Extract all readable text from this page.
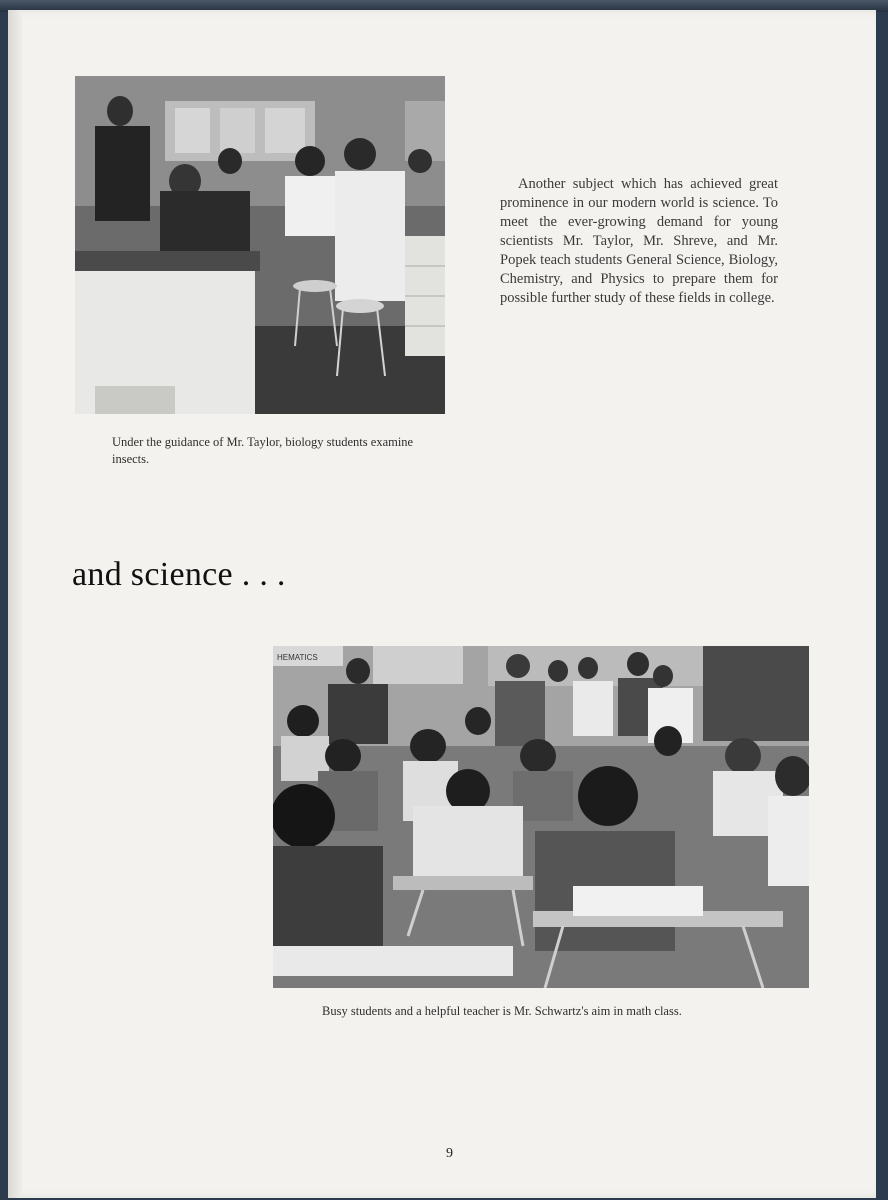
Another subject which has achieved great prominence in our modern world is science. To meet the ever-growing demand for young scientists Mr. Taylor, Mr. Shreve, and Mr. Popek teach students General Science, Biology, Chemistry, and Physics to prepare them for possible further study of these fields in college.

Under the guidance of Mr. Taylor, biology students examine insects.

and science . . .
HEMATICS

Busy students and a helpful teacher is Mr. Schwartz's aim in math class.

9
